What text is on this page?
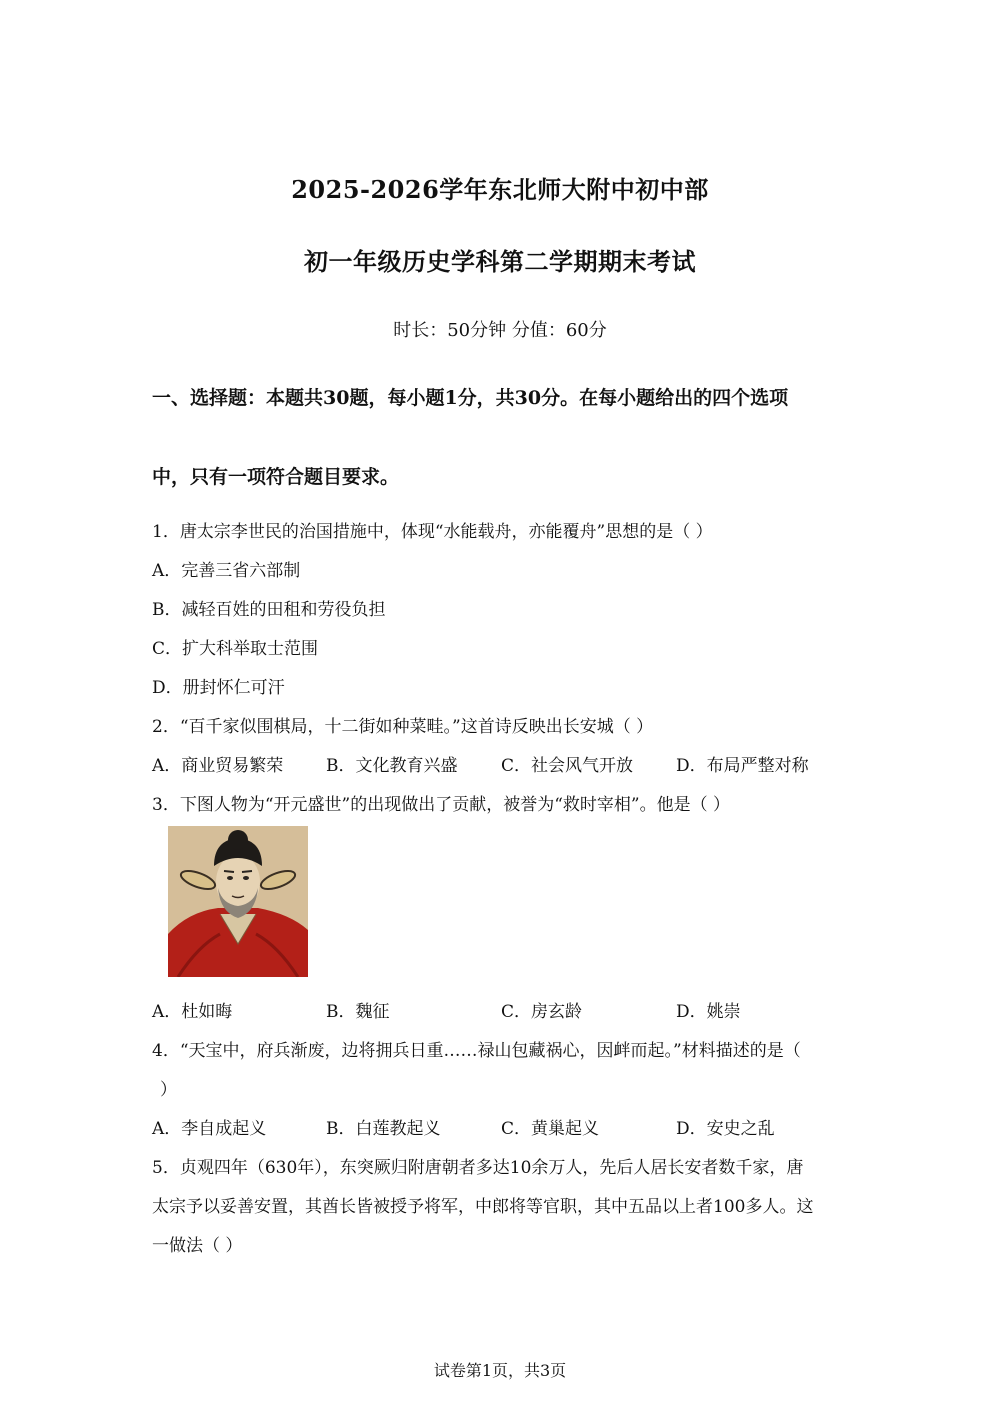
2025-2026学年东北师大附中初中部
初一年级历史学科第二学期期末考试
时长：50分钟 分值：60分
一、选择题：本题共30题，每小题1分，共30分。在每小题给出的四个选项
中，只有一项符合题目要求。
1．唐太宗李世民的治国措施中，体现“水能载舟，亦能覆舟”思想的是（ ）
A．完善三省六部制
B．减轻百姓的田租和劳役负担
C．扩大科举取士范围
D．册封怀仁可汗
2．“百千家似围棋局，十二街如种菜畦。”这首诗反映出长安城（ ）
A．商业贸易繁荣	B．文化教育兴盛	C．社会风气开放	D．布局严整对称
3．下图人物为“开元盛世”的出现做出了贡献，被誉为“救时宰相”。他是（ ）
A．杜如晦	B．魏征	C．房玄龄	D．姚崇
4．“天宝中，府兵渐废，边将拥兵日重……禄山包藏祸心，因衅而起。”材料描述的是（
）
A．李自成起义	B．白莲教起义	C．黄巢起义	D．安史之乱
5．贞观四年（630年），东突厥归附唐朝者多达10余万人，先后人居长安者数千家，唐
太宗予以妥善安置，其酋长皆被授予将军，中郎将等官职，其中五品以上者100多人。这
一做法（ ）
试卷第1页，共3页
